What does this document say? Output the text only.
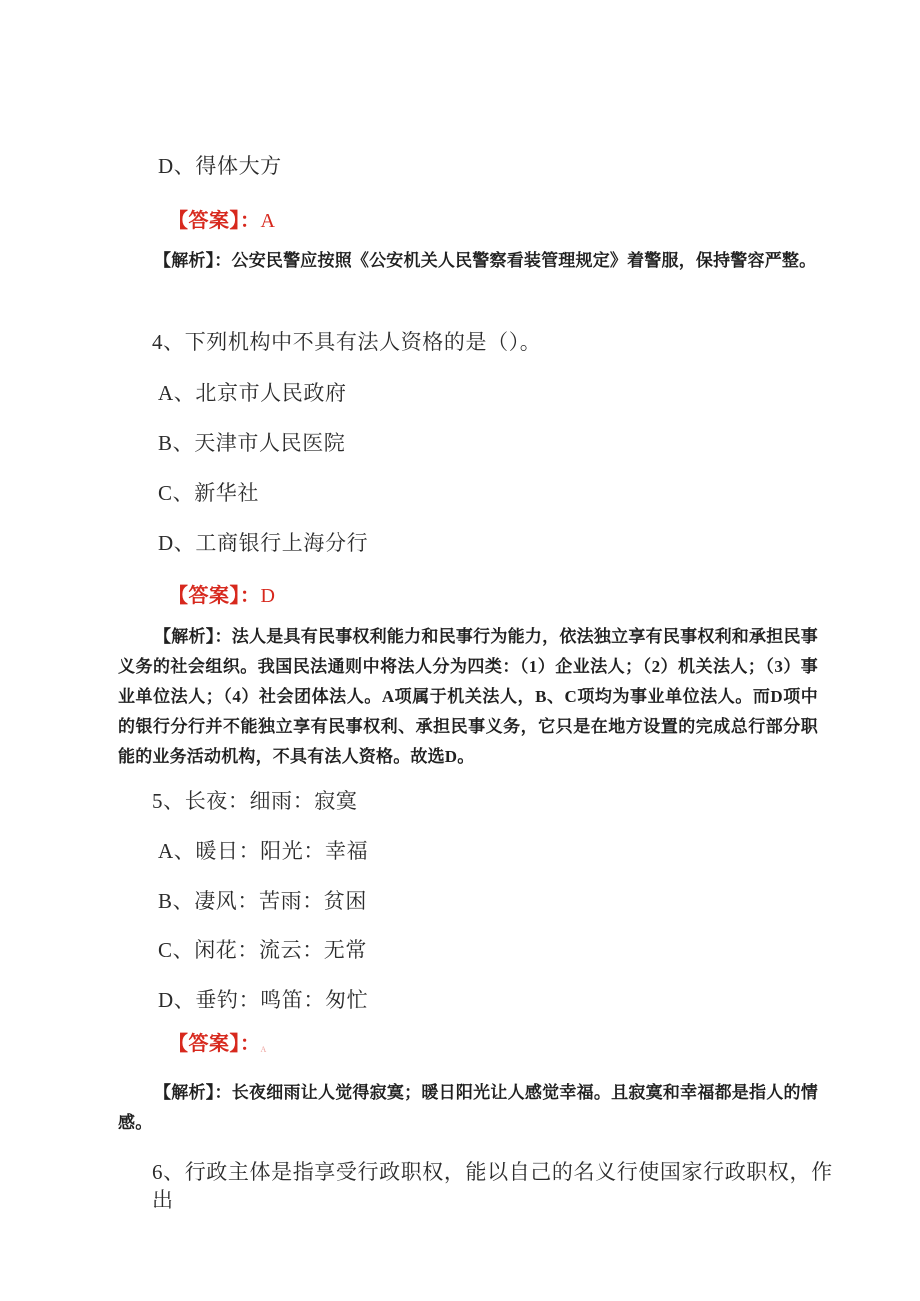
D、得体大方
【答案】：A
【解析】：公安民警应按照《公安机关人民警察看装管理规定》着警服，保持警容严整。
4、下列机构中不具有法人资格的是（）。
A、北京市人民政府
B、天津市人民医院
C、新华社
D、工商银行上海分行
【答案】：D
【解析】：法人是具有民事权利能力和民事行为能力，依法独立享有民事权利和承担民事义务的社会组织。我国民法通则中将法人分为四类：（1）企业法人；（2）机关法人；（3）事业单位法人；（4）社会团体法人。A项属于机关法人，B、C项均为事业单位法人。而D项中的银行分行并不能独立享有民事权利、承担民事义务，它只是在地方设置的完成总行部分职能的业务活动机构，不具有法人资格。故选D。
5、长夜：细雨：寂寞
A、暖日：阳光：幸福
B、凄风：苦雨：贫困
C、闲花：流云：无常
D、垂钓：鸣笛：匆忙
【答案】：A
【解析】：长夜细雨让人觉得寂寞；暖日阳光让人感觉幸福。且寂寞和幸福都是指人的情感。
6、行政主体是指享受行政职权，能以自己的名义行使国家行政职权，作出
